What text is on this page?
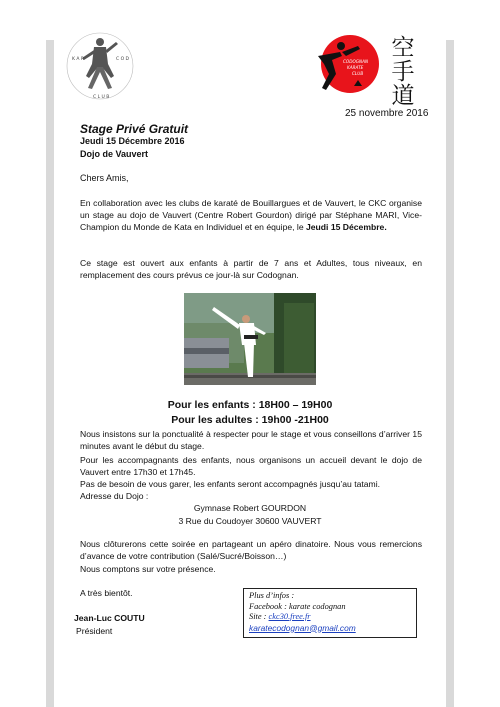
K A R	C O D
C L U B
CODOGNAN
KARATE
CLUB
空手道
25 novembre 2016
Stage Privé Gratuit
Jeudi 15 Décembre 2016
Dojo de Vauvert
Chers Amis,
En collaboration avec les clubs de karaté de Bouillargues et de Vauvert, le CKC organise un stage au dojo de Vauvert (Centre Robert Gourdon) dirigé par Stéphane MARI, Vice-Champion du Monde de Kata en Individuel et en équipe, le Jeudi 15 Décembre.
Ce stage est ouvert aux enfants à partir de 7 ans et Adultes, tous niveaux, en remplacement des cours prévus ce jour-là sur Codognan.
Pour les enfants : 18H00 – 19H00
Pour les adultes : 19h00 -21H00
Nous insistons sur la ponctualité à respecter pour le stage et vous conseillons d’arriver 15 minutes avant le début du stage.
Pour les accompagnants des enfants, nous organisons un accueil devant le dojo de Vauvert entre 17h30 et 17h45.
Pas de besoin de vous garer, les enfants seront accompagnés jusqu’au tatami.
Adresse du Dojo :
Gymnase Robert GOURDON
3 Rue du Coudoyer 30600 VAUVERT
Nous clôturerons cette soirée en partageant un apéro dinatoire. Nous vous remercions d’avance de votre contribution (Salé/Sucré/Boisson…)
Nous comptons sur votre présence.
A très bientôt.
Jean-Luc COUTU
Président
Plus d’infos :
Facebook : karate codognan
Site : ckc30.free.fr
karatecodognan@gmail.com
